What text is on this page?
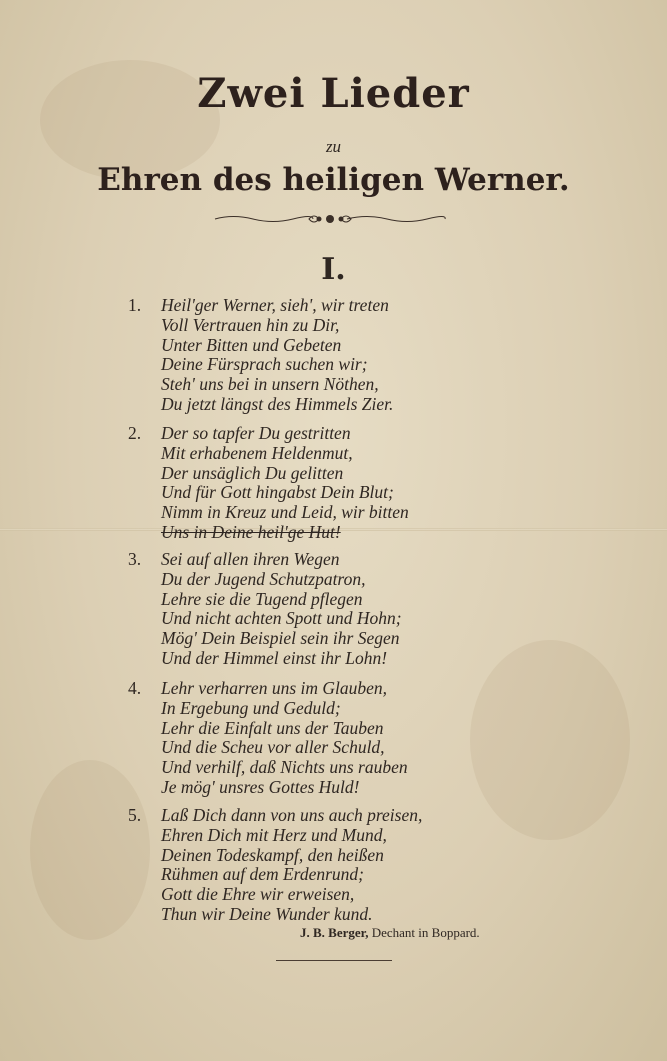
Zwei Lieder
zu
Ehren des heiligen Werner.
I.
1. Heil'ger Werner, sieh', wir treten
Voll Vertrauen hin zu Dir,
Unter Bitten und Gebeten
Deine Fürsprach suchen wir;
Steh' uns bei in unsern Nöthen,
Du jetzt längst des Himmels Zier.
2. Der so tapfer Du gestritten
Mit erhabenem Heldenmut,
Der unsäglich Du gelitten
Und für Gott hingabst Dein Blut;
Nimm in Kreuz und Leid, wir bitten
Uns in Deine heil'ge Hut!
3. Sei auf allen ihren Wegen
Du der Jugend Schutzpatron,
Lehre sie die Tugend pflegen
Und nicht achten Spott und Hohn;
Mög' Dein Beispiel sein ihr Segen
Und der Himmel einst ihr Lohn!
4. Lehr verharren uns im Glauben,
In Ergebung und Geduld;
Lehr die Einfalt uns der Tauben
Und die Scheu vor aller Schuld,
Und verhilf, daß Nichts uns rauben
Je mög' unsres Gottes Huld!
5. Laß Dich dann von uns auch preisen,
Ehren Dich mit Herz und Mund,
Deinen Todeskampf, den heißen
Rühmen auf dem Erdenrund;
Gott die Ehre wir erweisen,
Thun wir Deine Wunder kund.
J. B. Berger, Dechant in Boppard.
